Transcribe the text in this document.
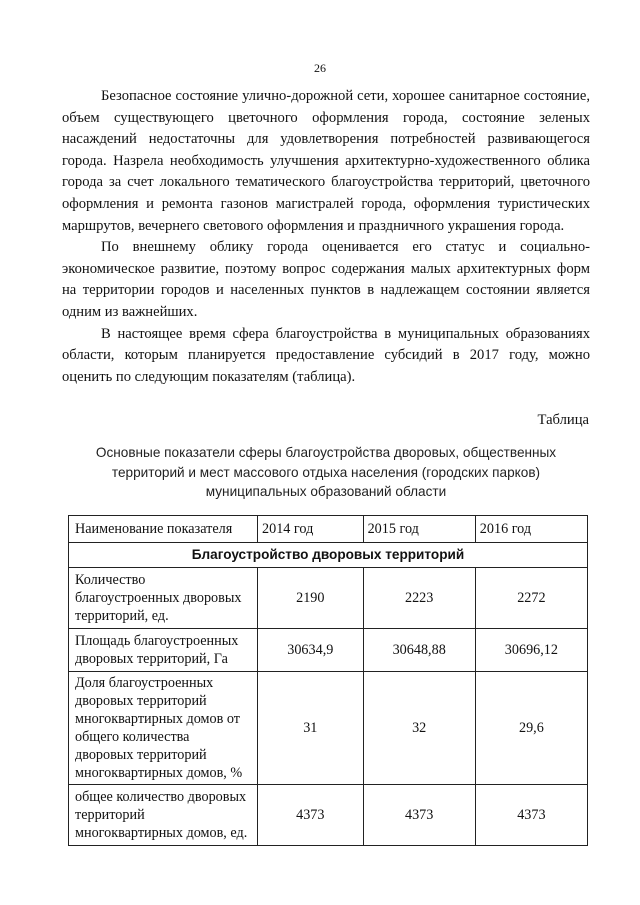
26

Безопасное состояние улично-дорожной сети, хорошее санитарное состояние, объем существующего цветочного оформления города, состояние зеленых насаждений недостаточны для удовлетворения потребностей развивающегося города. Назрела необходимость улучшения архитектурно-художественного облика города за счет локального тематического благоустройства территорий, цветочного оформления и ремонта газонов магистралей города, оформления туристических маршрутов, вечернего светового оформления и праздничного украшения города.

По внешнему облику города оценивается его статус и социально-экономическое развитие, поэтому вопрос содержания малых архитектурных форм на территории городов и населенных пунктов в надлежащем состоянии является одним из важнейших.

В настоящее время сфера благоустройства в муниципальных образованиях области, которым планируется предоставление субсидий в 2017 году, можно оценить по следующим показателям (таблица).

Таблица
Основные показатели сферы благоустройства дворовых, общественных территорий и мест массового отдыха населения (городских парков) муниципальных образований области
Наименование показателя	2014 год	2015 год	2016 год
Благоустройство дворовых территорий			
Количество благоустроенных дворовых территорий, ед.	2190	2223	2272
Площадь благоустроенных дворовых территорий, Га	30634,9	30648,88	30696,12
Доля благоустроенных дворовых территорий многоквартирных домов от общего количества дворовых территорий многоквартирных домов, %	31	32	29,6
общее количество дворовых территорий многоквартирных домов, ед.	4373	4373	4373
